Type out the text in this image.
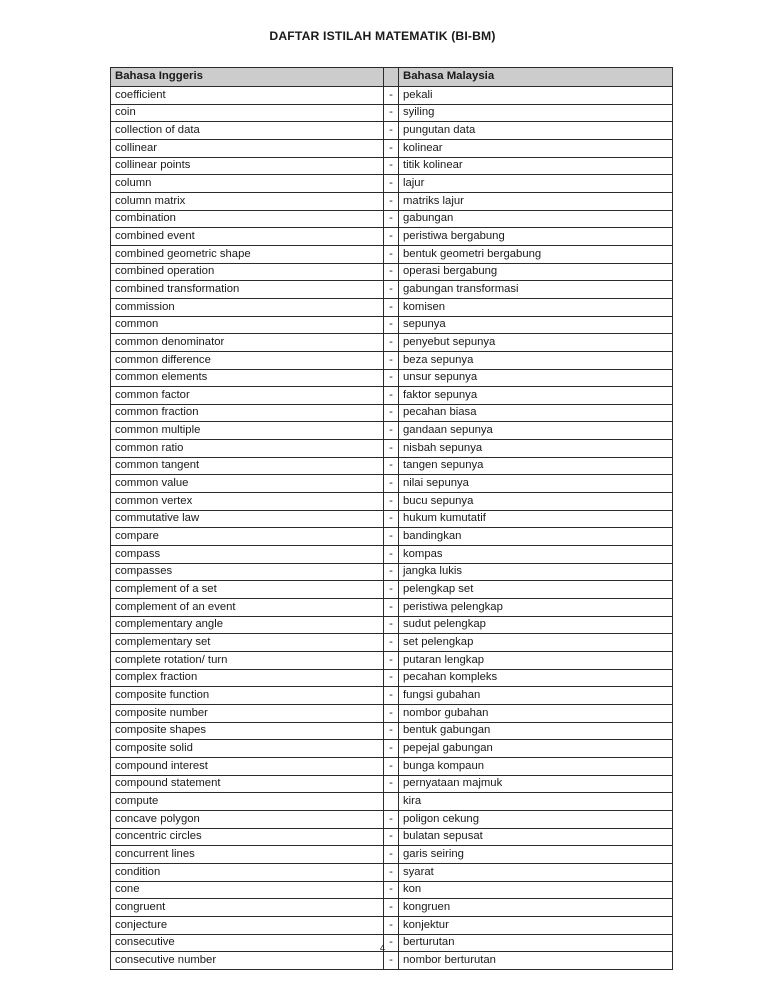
DAFTAR ISTILAH MATEMATIK (BI-BM)
Bahasa Inggeris		Bahasa Malaysia
coefficient	-	pekali
coin	-	syiling
collection of data	-	pungutan data
collinear	-	kolinear
collinear points	-	titik kolinear
column	-	lajur
column matrix	-	matriks lajur
combination	-	gabungan
combined event	-	peristiwa bergabung
combined geometric shape	-	bentuk geometri bergabung
combined operation	-	operasi bergabung
combined transformation	-	gabungan transformasi
commission	-	komisen
common	-	sepunya
common denominator	-	penyebut sepunya
common difference	-	beza sepunya
common elements	-	unsur sepunya
common factor	-	faktor sepunya
common fraction	-	pecahan biasa
common multiple	-	gandaan sepunya
common ratio	-	nisbah sepunya
common tangent	-	tangen sepunya
common value	-	nilai sepunya
common vertex	-	bucu sepunya
commutative law	-	hukum kumutatif
compare	-	bandingkan
compass	-	kompas
compasses	-	jangka lukis
complement of a set	-	pelengkap set
complement of an event	-	peristiwa pelengkap
complementary angle	-	sudut pelengkap
complementary set	-	set pelengkap
complete rotation/ turn	-	putaran lengkap
complex fraction	-	pecahan kompleks
composite function	-	fungsi gubahan
composite number	-	nombor gubahan
composite shapes	-	bentuk gabungan
composite solid	-	pepejal gabungan
compound interest	-	bunga kompaun
compound statement	-	pernyataan majmuk
compute		kira
concave polygon	-	poligon cekung
concentric circles	-	bulatan sepusat
concurrent lines	-	garis seiring
condition	-	syarat
cone	-	kon
congruent	-	kongruen
conjecture	-	konjektur
consecutive	-	berturutan
consecutive number	-	nombor berturutan
4
